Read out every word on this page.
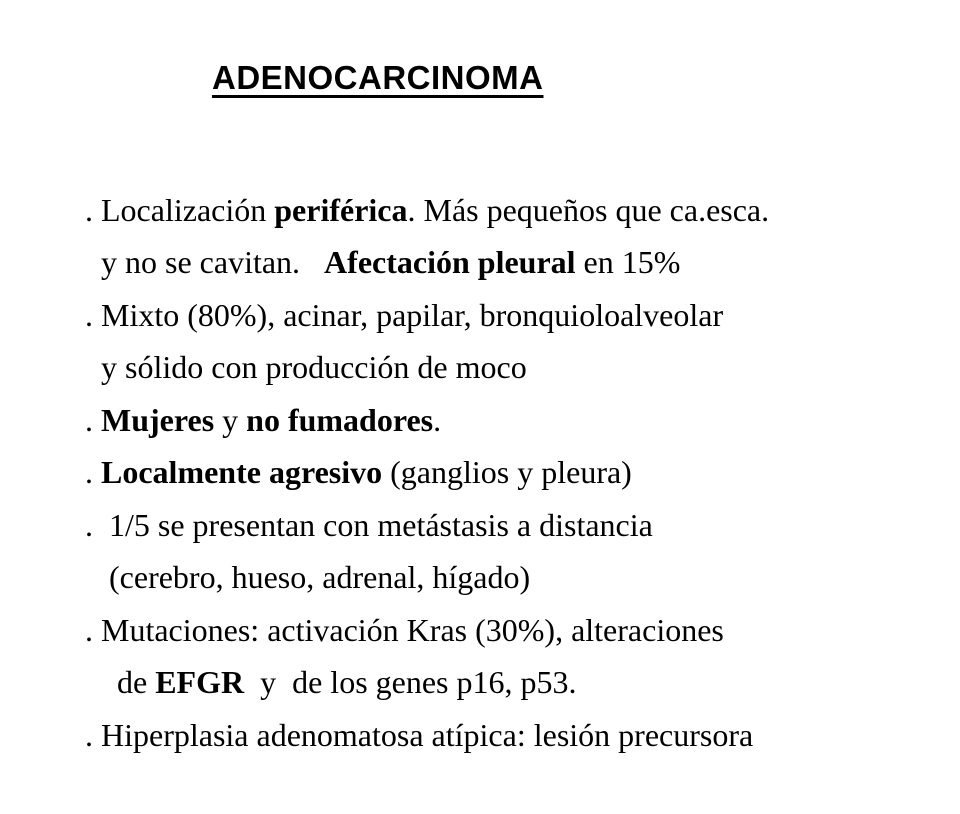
ADENOCARCINOMA

. Localización periférica. Más pequeños que ca.esca.

y no se cavitan.   Afectación pleural en 15%

. Mixto (80%), acinar, papilar, bronquioloalveolar

y sólido con producción de moco

. Mujeres y no fumadores.

. Localmente agresivo (ganglios y pleura)

.  1/5 se presentan con metástasis a distancia

(cerebro, hueso, adrenal, hígado)

. Mutaciones: activación Kras (30%), alteraciones

de EFGR  y  de los genes p16, p53.

. Hiperplasia adenomatosa atípica: lesión precursora
